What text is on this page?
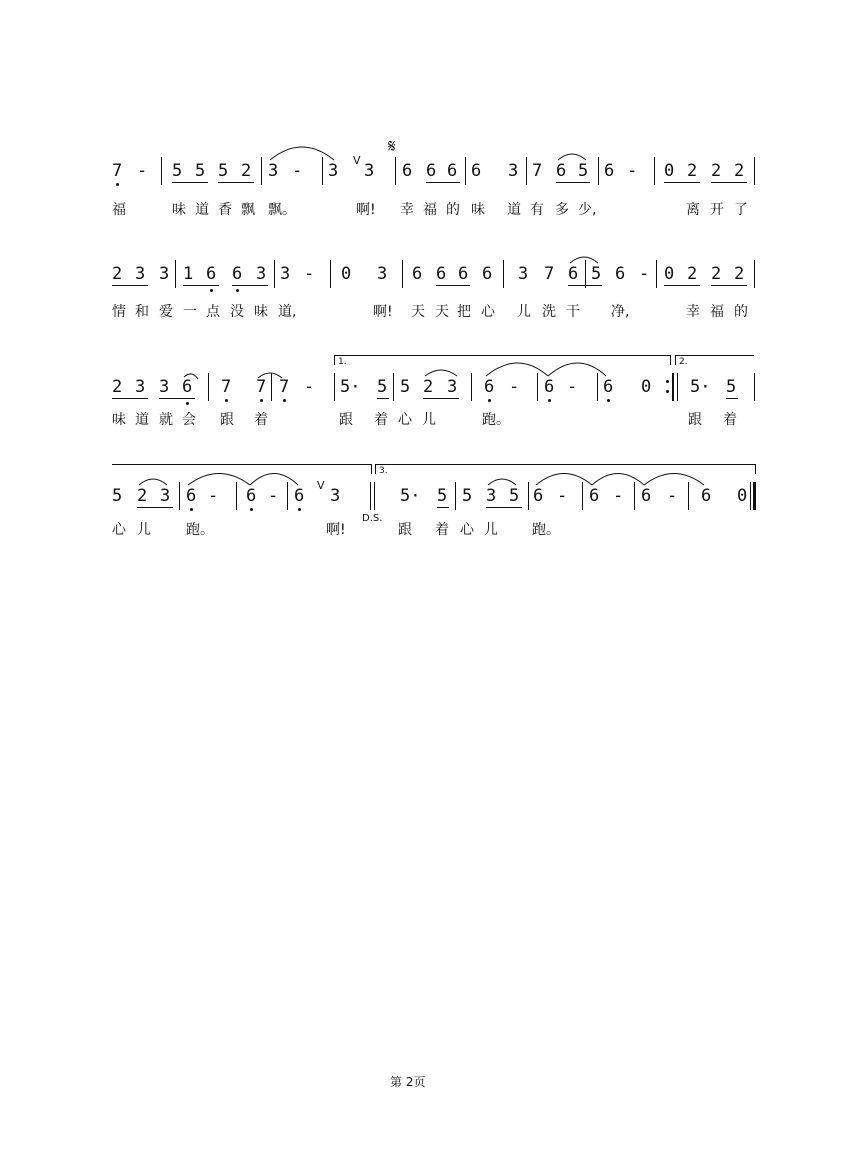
7 - 5 5 5 2 3 - 3
V
3
𝄋
6 6 6 6 3 7 6 5 6 - 0 2 2 2
福	味 道 香 飘 飘。	啊! 幸 福 的 味 道 有 多 少,	离 开 了
2 3 3 1 6 6 3 3 - 0 3 6 6 6 6 3 7 6 5 6 - 0 2 2 2
情 和 爱 一 点 没 味 道,	啊! 天 天 把 心 儿 洗 干 净,	幸 福 的
1.	2.
2 3 3 6 7 7 7 - 5· 5 5 2 3 6 - 6 - 6 0 5· 5
味 道 就 会 跟 着	跟 着 心 儿	跑。	跟 着
3.
5 2 3 6 - 6 - 6
V
3	5· 5 5 3 5 6 - 6 - 6 - 6 0
D.S.
心 儿	跑。	啊!	跟 着 心 儿 跑。
第 2页
